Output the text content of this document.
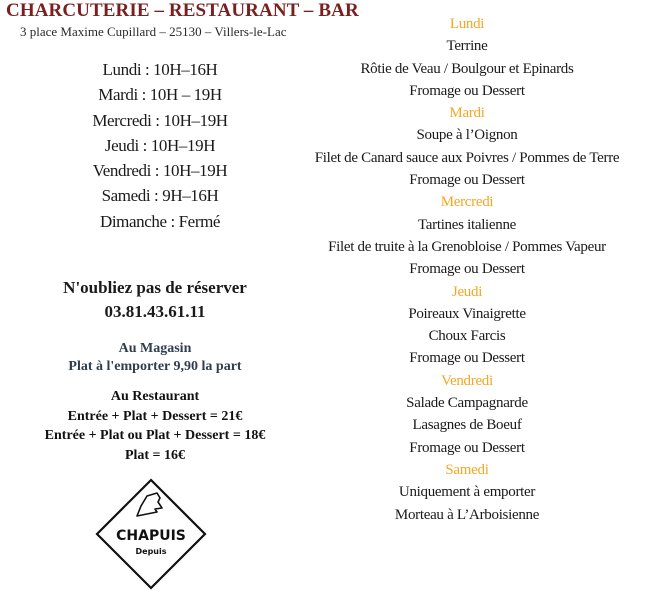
CHARCUTERIE – RESTAURANT – BAR
3 place Maxime Cupillard – 25130 – Villers-le-Lac
Lundi : 10H–16H
Mardi : 10H – 19H
Mercredi : 10H–19H
Jeudi : 10H–19H
Vendredi : 10H–19H
Samedi : 9H–16H
Dimanche : Fermé
N'oubliez pas de réserver
03.81.43.61.11
Au Magasin
Plat à l'emporter 9,90 la part
Au Restaurant
Entrée + Plat + Dessert = 21€
Entrée + Plat ou Plat + Dessert = 18€
Plat = 16€
CHAPUIS
Depuis
Lundi
Terrine
Rôtie de Veau / Boulgour et Epinards
Fromage ou Dessert
Mardi
Soupe à l’Oignon
Filet de Canard sauce aux Poivres / Pommes de Terre
Fromage ou Dessert
Mercredi
Tartines italienne
Filet de truite à la Grenobloise / Pommes Vapeur
Fromage ou Dessert
Jeudi
Poireaux Vinaigrette
Choux Farcis
Fromage ou Dessert
Vendredi
Salade Campagnarde
Lasagnes de Boeuf
Fromage ou Dessert
Samedi
Uniquement à emporter
Morteau à L’Arboisienne
